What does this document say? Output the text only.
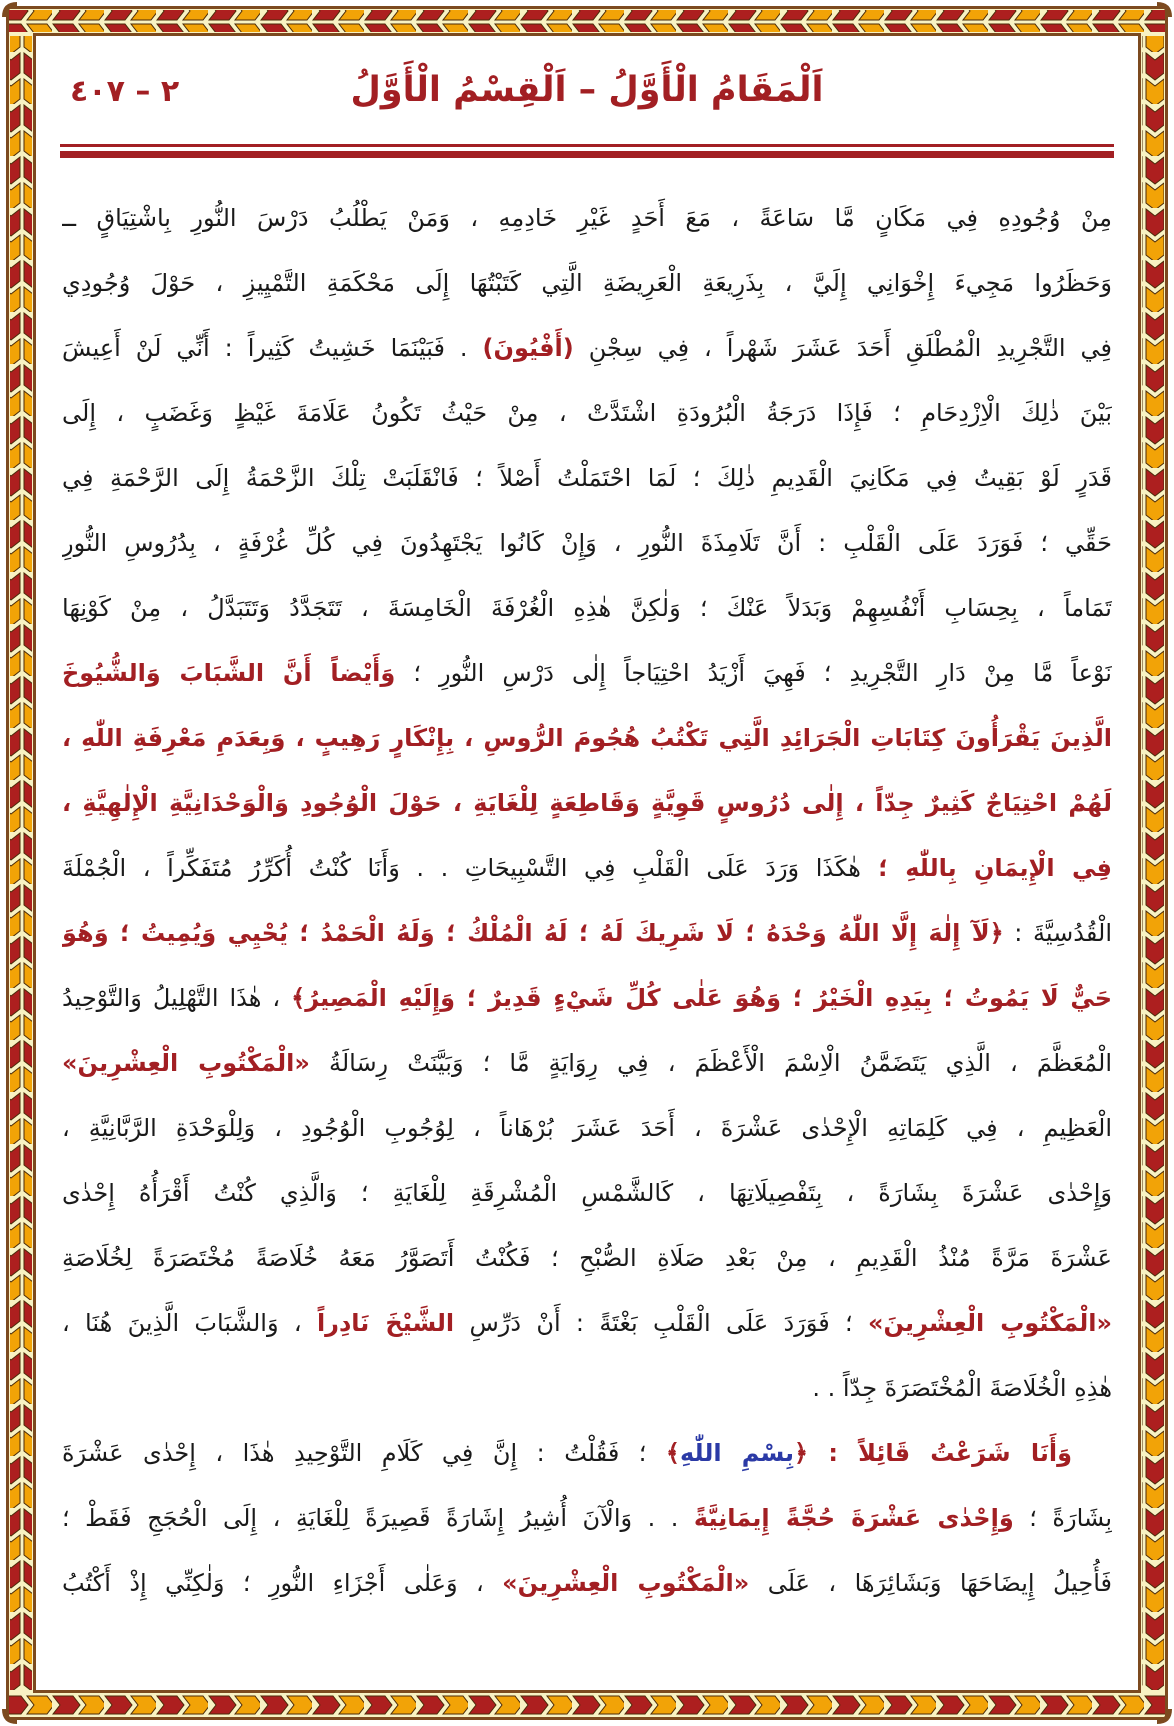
٢ – ٤٠٧	اَلْمَقَامُ الْأَوَّلُ – اَلْقِسْمُ الْأَوَّلُ
مِنْ وُجُودِهِ فِي مَكَانٍ مَّا سَاعَةً ، مَعَ أَحَدٍ غَيْرِ خَادِمِهِ ، وَمَنْ يَطْلُبُ دَرْسَ النُّورِ بِاشْتِيَاقٍ ــ
وَحَظَرُوا مَجِيءَ إِخْوَانِي إِلَيَّ ، بِذَرِيعَةِ الْعَرِيضَةِ الَّتِي كَتَبْتُهَا إِلَى مَحْكَمَةِ التَّمْيِيزِ ، حَوْلَ وُجُودِي
فِي التَّجْرِيدِ الْمُطْلَقِ أَحَدَ عَشَرَ شَهْراً ، فِي سِجْنِ (أَفْيُونَ) . فَبَيْنَمَا خَشِيتُ كَثِيراً : أَنِّي لَنْ أَعِيشَ
بَيْنَ ذٰلِكَ الْاِزْدِحَامِ ؛ فَإِذَا دَرَجَةُ الْبُرُودَةِ اشْتَدَّتْ ، مِنْ حَيْثُ تَكُونُ عَلَامَةَ غَيْظٍ وَغَضَبٍ ، إِلَى
قَدَرٍ لَوْ بَقِيتُ فِي مَكَانِيَ الْقَدِيمِ ذٰلِكَ ؛ لَمَا احْتَمَلْتُ أَصْلاً ؛ فَانْقَلَبَتْ تِلْكَ الزَّحْمَةُ إِلَى الرَّحْمَةِ فِي
حَقِّي ؛ فَوَرَدَ عَلَى الْقَلْبِ : أَنَّ تَلَامِذَةَ النُّورِ ، وَإِنْ كَانُوا يَجْتَهِدُونَ فِي كُلِّ غُرْفَةٍ ، بِدُرُوسِ النُّورِ
تَمَاماً ، بِحِسَابِ أَنْفُسِهِمْ وَبَدَلاً عَنْكَ ؛ وَلٰكِنَّ هٰذِهِ الْغُرْفَةَ الْخَامِسَةَ ، تَتَجَدَّدُ وَتَتَبَدَّلُ ، مِنْ كَوْنِهَا
نَوْعاً مَّا مِنْ دَارِ التَّجْرِيدِ ؛ فَهِيَ أَزْيَدُ احْتِيَاجاً إِلٰى دَرْسِ النُّورِ ؛ وَأَيْضاً أَنَّ الشَّبَابَ وَالشُّيُوخَ
الَّذِينَ يَقْرَأُونَ كِتَابَاتِ الْجَرَائِدِ الَّتِي تَكْتُبُ هُجُومَ الرُّوسِ ، بِإِنْكَارٍ رَهِيبٍ ، وَبِعَدَمِ مَعْرِفَةِ اللّٰهِ ،
لَهُمْ احْتِيَاجٌ كَثِيرٌ جِدّاً ، إِلٰى دُرُوسٍ قَوِيَّةٍ وَقَاطِعَةٍ لِلْغَايَةِ ، حَوْلَ الْوُجُودِ وَالْوَحْدَانِيَّةِ الْإِلٰهِيَّةِ ،
فِي الْإِيمَانِ بِاللّٰهِ ؛ هٰكَذَا وَرَدَ عَلَى الْقَلْبِ فِي التَّسْبِيحَاتِ . . وَأَنَا كُنْتُ أُكَرِّرُ مُتَفَكِّراً ، الْجُمْلَةَ
الْقُدُسِيَّةَ : ﴿لَآ إِلٰهَ إِلَّا اللّٰهُ وَحْدَهُ ؛ لَا شَرِيكَ لَهُ ؛ لَهُ الْمُلْكُ ؛ وَلَهُ الْحَمْدُ ؛ يُحْيِي وَيُمِيتُ ؛ وَهُوَ
حَيٌّ لَا يَمُوتُ ؛ بِيَدِهِ الْخَيْرُ ؛ وَهُوَ عَلٰى كُلِّ شَيْءٍ قَدِيرٌ ؛ وَإِلَيْهِ الْمَصِيرُ﴾ ، هٰذَا التَّهْلِيلُ وَالتَّوْحِيدُ
الْمُعَظَّمَ ، الَّذِي يَتَضَمَّنُ الْاِسْمَ الْأَعْظَمَ ، فِي رِوَايَةٍ مَّا ؛ وَبَيَّنَتْ رِسَالَةُ «الْمَكْتُوبِ الْعِشْرِينَ»
الْعَظِيمِ ، فِي كَلِمَاتِهِ الْإِحْدٰى عَشْرَةَ ، أَحَدَ عَشَرَ بُرْهَاناً ، لِوُجُوبِ الْوُجُودِ ، وَلِلْوَحْدَةِ الرَّبَّانِيَّةِ ،
وَإِحْدٰى عَشْرَةَ بِشَارَةً ، بِتَفْصِيلَاتِهَا ، كَالشَّمْسِ الْمُشْرِقَةِ لِلْغَايَةِ ؛ وَالَّذِي كُنْتُ أَقْرَأُهُ إِحْدٰى
عَشْرَةَ مَرَّةً مُنْذُ الْقَدِيمِ ، مِنْ بَعْدِ صَلَاةِ الصُّبْحِ ؛ فَكُنْتُ أَتَصَوَّرُ مَعَهُ خُلَاصَةً مُخْتَصَرَةً لِخُلَاصَةِ
«الْمَكْتُوبِ الْعِشْرِينَ» ؛ فَوَرَدَ عَلَى الْقَلْبِ بَغْتَةً : أَنْ دَرِّسِ الشَّيْخَ نَادِراً ، وَالشَّبَابَ الَّذِينَ هُنَا ،
هٰذِهِ الْخُلَاصَةَ الْمُخْتَصَرَةَ جِدّاً . .
وَأَنَا شَرَعْتُ قَائِلاً : ﴿بِسْمِ اللّٰهِ﴾ ؛ فَقُلْتُ : إِنَّ فِي كَلَامِ التَّوْحِيدِ هٰذَا ، إِحْدٰى عَشْرَةَ
بِشَارَةً ؛ وَإِحْدٰى عَشْرَةَ حُجَّةً إِيمَانِيَّةً . . وَالْآنَ أُشِيرُ إِشَارَةً قَصِيرَةً لِلْغَايَةِ ، إِلَى الْحُجَجِ فَقَطْ ؛
فَأُحِيلُ إِيضَاحَهَا وَبَشَائِرَهَا ، عَلَى «الْمَكْتُوبِ الْعِشْرِينَ» ، وَعَلٰى أَجْزَاءِ النُّورِ ؛ وَلٰكِنِّي إِذْ أَكْتُبُ
